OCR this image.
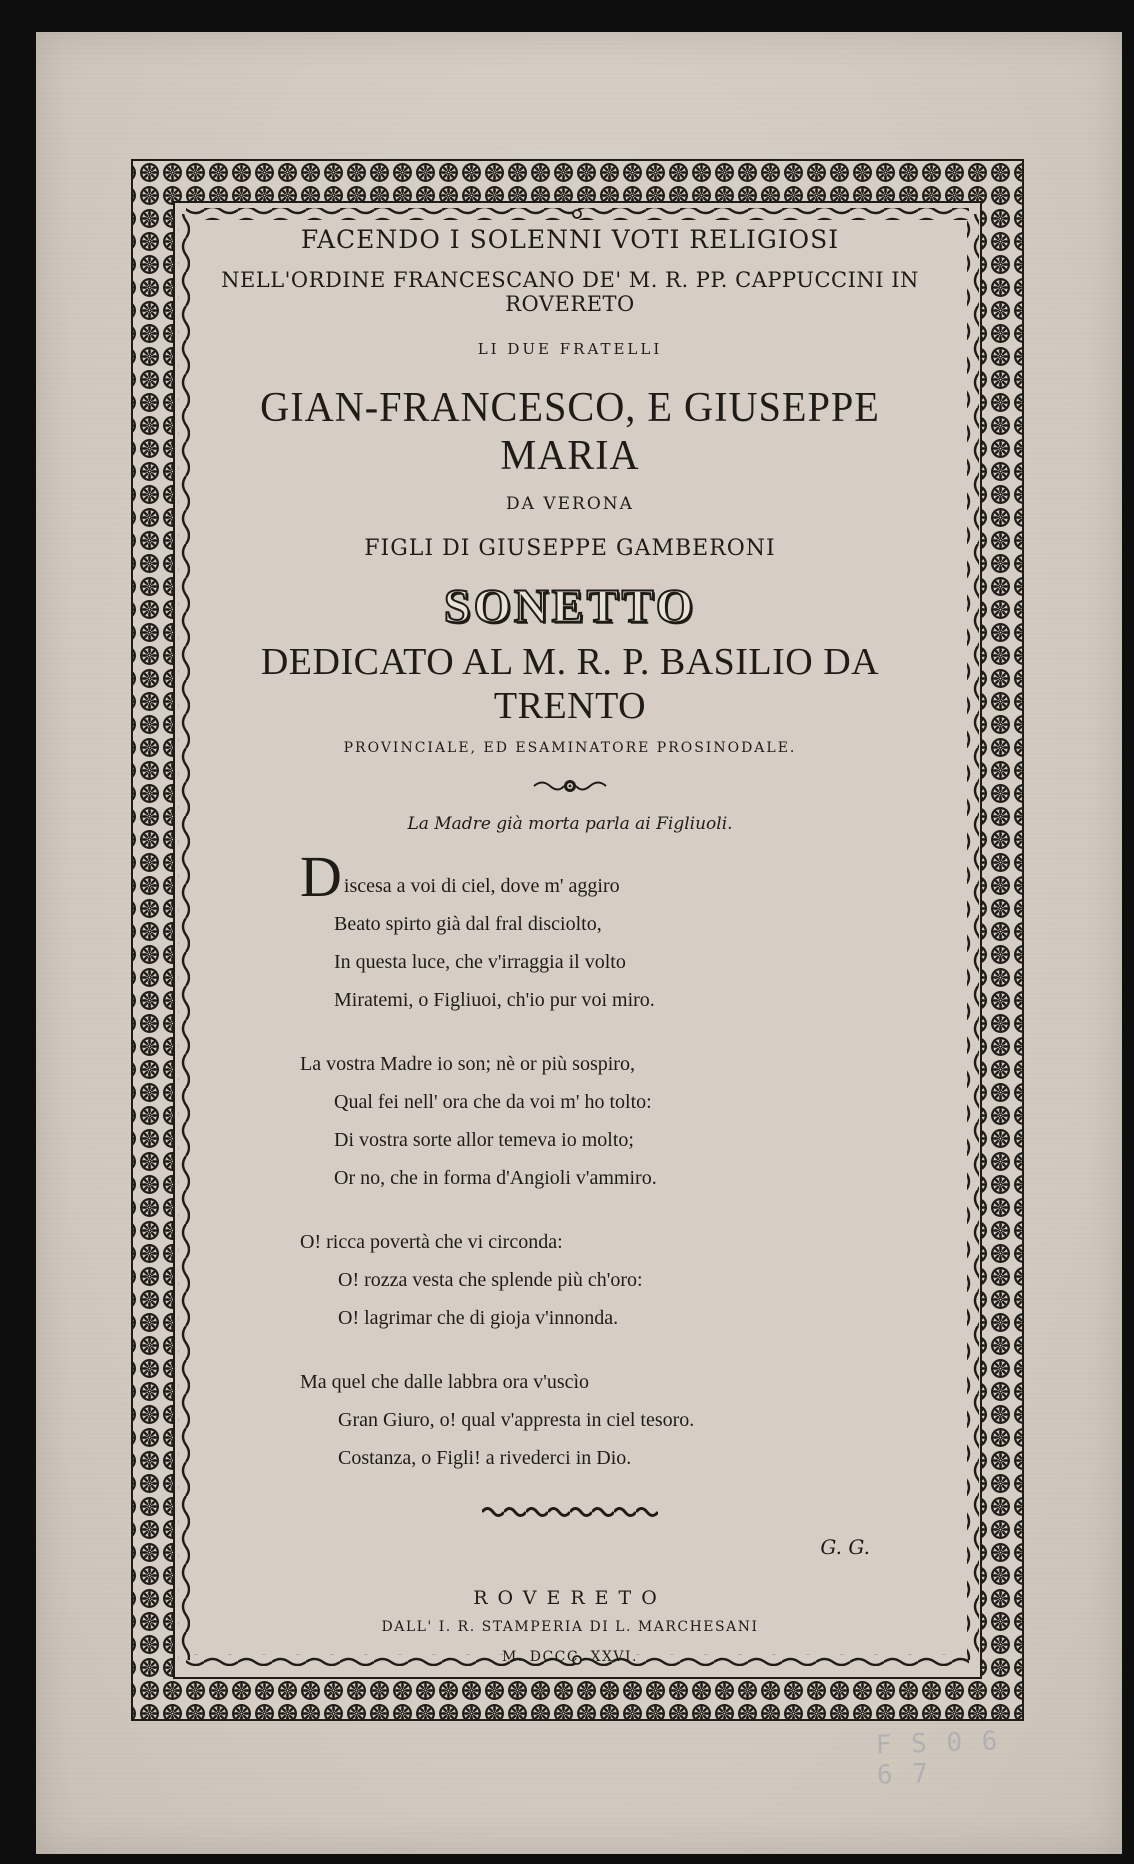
FACENDO I SOLENNI VOTI RELIGIOSI
NELL'ORDINE FRANCESCANO DE' M. R. PP. CAPPUCCINI IN ROVERETO
LI DUE FRATELLI
GIAN-FRANCESCO, E GIUSEPPE MARIA
DA VERONA
FIGLI DI GIUSEPPE GAMBERONI
SONETTO
DEDICATO AL M. R. P. BASILIO DA TRENTO
PROVINCIALE, ED ESAMINATORE PROSINODALE.
La Madre già morta parla ai Figliuoli.
Discesa a voi di ciel, dove m' aggiro
Beato spirto già dal fral disciolto,
In questa luce, che v'irraggia il volto
Miratemi, o Figliuoi, ch'io pur voi miro.
La vostra Madre io son; nè or più sospiro,
Qual fei nell' ora che da voi m' ho tolto:
Di vostra sorte allor temeva io molto;
Or no, che in forma d'Angioli v'ammiro.
O! ricca povertà che vi circonda:
O! rozza vesta che splende più ch'oro:
O! lagrimar che di gioja v'innonda.
Ma quel che dalle labbra ora v'uscìo
Gran Giuro, o! qual v'appresta in ciel tesoro.
Costanza, o Figli! a rivederci in Dio.
G. G.
ROVERETO
DALL' I. R. STAMPERIA DI L. MARCHESANI
M. DCCC. XXVI.
F S 0 6 6 7
